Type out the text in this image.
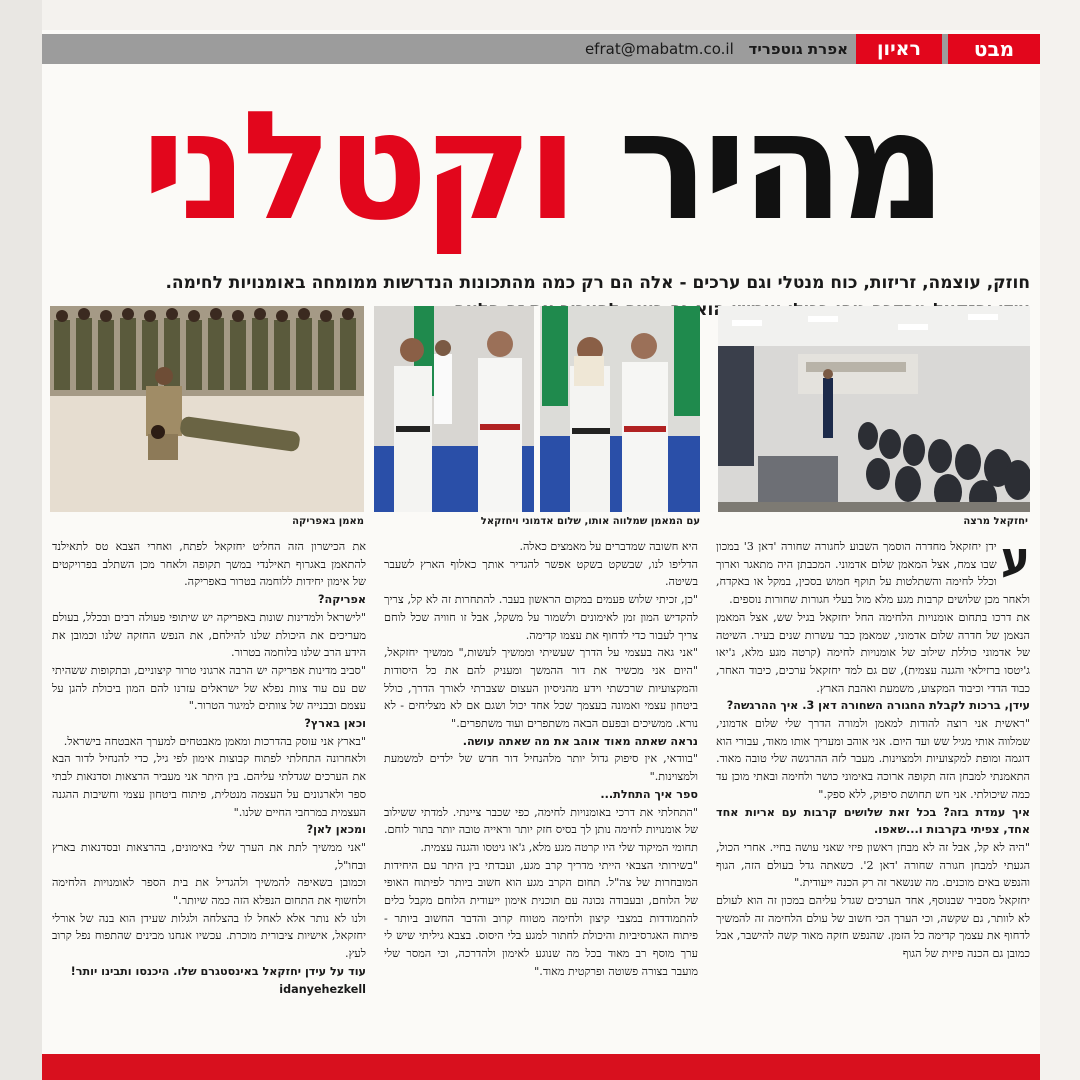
מבט
ראיון
אפרת גוטפריד efrat@mabatm.co.il
מהיר וקטלני

חוזק, עוצמה, זריזות, כוח מנטלי וגם ערכים - אלה הם רק כמה מהתכונות הנדרשות ממומחה באומנויות לחימה.

הוא

יחזקאל מרצה
עם המאמן שמלווה אותו, שלום אדמוני ויחזקאל
מאמן באפריקה
ע

ידן יחזקאל מחדרה הוסמך השבוע לחגורה שחורה 'דאן 3' במכון שבו צמח, אצל המאמן שלום אדמוני. המכבתן היה מתאגר וארוך וכלל לחימה והשתלטות על תוקף חמוש בסכין, במקל או באקדח, ולאחר מכן שלושים קרבות מגע מלא מול בעלי חגורות שחורות נוספים.

את דרכו בתחום אומנויות הלחימה החל יחזקאל בגיל שש, אצל המאמן הנאמן של חדרה שלום אדמוני, שמאמן כבר עשרות שנים בעיר. השיטה של אדמוני כוללת שילוב של אומנויות לחימה (קרטה מגע מלא, ג'יאו ג'יטסו ברזילאי והגנה עצמית), שם גם למד יחזקאל ערכים, כיבוד האחר, כבוד הדדי וכיבוד המקצוע, משמעת ואהבת הארץ.

עידן, ברכות לקבלת החגורה השחורה דאן 3. איך ההרגשה?

"ראשית אני רוצה להודות למאמן ולמורה הדרך שלי שלום אדמוני, שמלווה אותי מגיל שש ועד היום. אני אוהב ומעריך אותו מאוד, עבורי הוא דוגמה ומופת למקצועיות ולמצוינות. מעבר לזה ההרגשה שלי טובה מאוד. התאמנתי למבחן הזה תקופה ארוכה באימוני כושר ולחימה ובאתי מוכן עד כמה שיכולתי. אני חש תחושת סיפוק, ללא ספק."

איך עמדת בזה? בכל זאת שלושים קרבות עם אריות אחד אחד, צפיתי בקרבות ו...שאפו.

"היה לא קל, אבל זה לא מבחן ראשון פיזי שאני עושה בחיי. אחרי הכול, הגעתי למבחן חגורה שחורה 'דאן 2'. כשאתה גדל בעולם הזה, הגוף והנפש באים מוכנים. מה שנשאר זה רק הכנה ייעודית."

יחזקאל מסביר שבנוסף, אחד הערכים שגדל עליהם במכון זה הוא לעולם לא לוותר, גם שקשה, וכי הערך הכי חשוב של עולם הלחימה זה להמשיך לדחוף את עצמך קדימה כל הזמן. שהנפש חזקה מאוד קשה להישבר, אבל כמובן גם הכנה פיזית של הגוף

היא חשובה שמדברים על מאמצים כאלה.

הדליפו לנו, שבשקט בשקט אפשר להגדיר אותך כאלוף הארץ לשעבר בשיטה.

"כן, זכיתי שלוש פעמים במקום הראשון בעבר. להתחרות זה לא קל, צריך להקדיש המון זמן לאימונים ולשמור על משקל, אבל זו חוויה שכל לוחם צריך לעבור כדי לדחוף את עצמו קדימה.

"אני גאה בעצמי על הדרך שעשיתי וממשיך לעשות," ממשיך יחזקאל, "היום אני מכשיר את דור ההמשך ומעניק להם את כל היסודות והמקצועיות שרכשתי וידע מהניסיון העצום שצברתי לאורך הדרך, כולל ביטחון עצמי ואמונה בעצמך שכל אחד יכול ושגם אם לא מצליחים - לא נורא. ממשיכים ובפעם הבאה משתפרים ועוד משתפרים."

נראה שאתה מאוד אוהב את מה שאתה עושה.

"בוודאי, אין סיפוק גדול יותר מלהנחיל דור חדש של ילדים למשמעת ולמצוינות."

ספר איך התחלת...

"התחלתי את דרכי באומנויות לחימה, כפי שכבר ציינתי. למדתי ששילוב של אומנויות לחימה נותן לך בסיס חזק יותר וראייה טובה יותר בתור לוחם. תחומי המיקוד שלי היו קרטה מגע מלא, ג'או גיטסו והגנה עצמית.

"בשירותי הצבאי הייתי מדריך קרב מגע, ועבדתי בין היתר עם היחידות המובחרות של צה"ל. תחום הקרב מגע הוא חשוב ביותר לפיתוח האופי של הלוחם, ובעבודה נכונה עם תוכנית אימון ייעודית הלוחם מקבל כלים להתמודדות במצבי קיצון ולחימה מטווח קרוב והדבר החשוב ביותר - פיתוח האגרסיביות והיכולת לחתור למגע בלי היסוס. בצבא גיליתי שיש לי ערך מוסף רב מאוד בכל מה שנוגע לאימון ולהדרכה, וכי המסר שלי מועבר בצורה פשוטה ופרקטית מאוד."

את הכישרון הזה החליט יחזקאל לפתח, ואחרי הצבא טס לתאילנד להתאמן באגרוף תאילנדי במשך תקופה ולאחר מכן השתלב בפרויקטים של אימון יחידות ללוחמה בטרור באפריקה.

אפריקה?

"לישראל ולמדינות שונות באפריקה יש שיתופי פעולה רבים ובכלל, בעולם מעריכים את היכולת שלנו להילחם, את הנפש החזקה שלנו וכמובן את הידע הרב שלנו בלוחמה בטרור.

"סביב מדינות אפריקה יש הרבה ארגוני טרור קיצוניים, ובתקופות ששהיתי שם עם עוד צוות נפלא של ישראלים עזרנו להם המון ביכולת להגן על עצמם ובבנייה של צוותים למיגור הטרור."

וכאן בארץ?

"בארץ אני עוסק בהדרכות ומאמן מאבטחים למערך האבטחה בישראל.

ולאחרונה התחלתי לפתוח קבוצות אימון לפי גיל, כדי להנחיל לדור הבא את הערכים שגדלתי עליהם. בין היתר אני מעביר הרצאות וסדנאות לבתי ספר ולארגונים על העצמה מנטלית, פיתוח ביטחון עצמי וחשיבות ההגנה העצמית במרחבי החיים שלנו."

ומכאן לאן?

"אני ממשיך לתת את הערך שלי באימונים, בהרצאות ובסדנאות בארץ ובחו"ל,

וכמובן בשאיפה להמשיך ולהגדיל את בית הספר לאומנויות הלחימה ולחשוף את התחום הנפלא הזה כמה שיותר."

ולנו לא נותר אלא לאחל לו בהצלחה ולגלות שעידן הוא בנה של אורלי יחזקאל, אישיות ציבורית מוכרת. עכשיו אנחנו מבינים שהתפוח נפל קרוב לעץ.

עוד על עידן יחזקאל באינסטגרם שלו. היכנסו ותבינו יותר!

idanyehezkell
